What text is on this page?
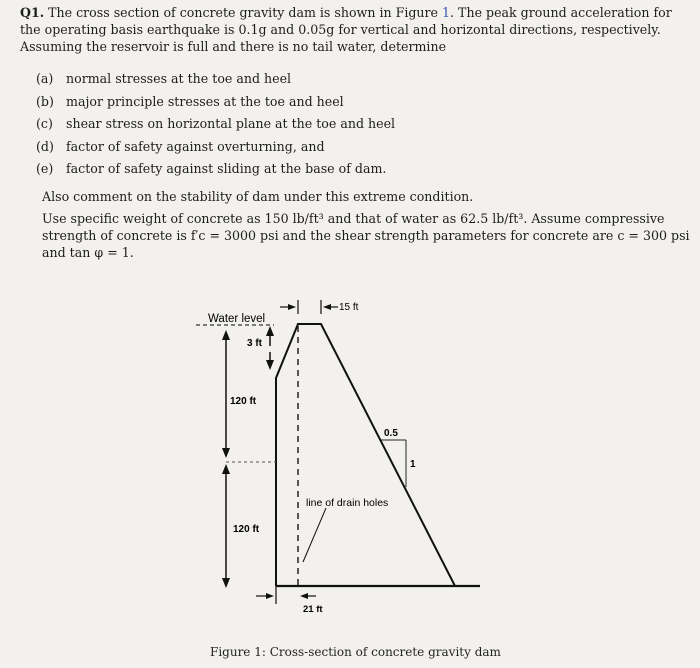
Q1. The cross section of concrete gravity dam is shown in Figure 1. The peak ground acceleration for the operating basis earthquake is 0.1g and 0.05g for vertical and horizontal directions, respectively. Assuming the reservoir is full and there is no tail water, determine
(a) normal stresses at the toe and heel
(b) major principle stresses at the toe and heel
(c) shear stress on horizontal plane at the toe and heel
(d) factor of safety against overturning, and
(e) factor of safety against sliding at the base of dam.
Also comment on the stability of dam under this extreme condition.
Use specific weight of concrete as 150 lb/ft³ and that of water as 62.5 lb/ft³. Assume compressive strength of concrete is f′c = 3000 psi and the shear strength parameters for concrete are c = 300 psi and tan φ = 1.
Water level
15 ft
3 ft
120 ft
120 ft
0.5
1
line of drain holes
21 ft
Figure 1: Cross-section of concrete gravity dam
